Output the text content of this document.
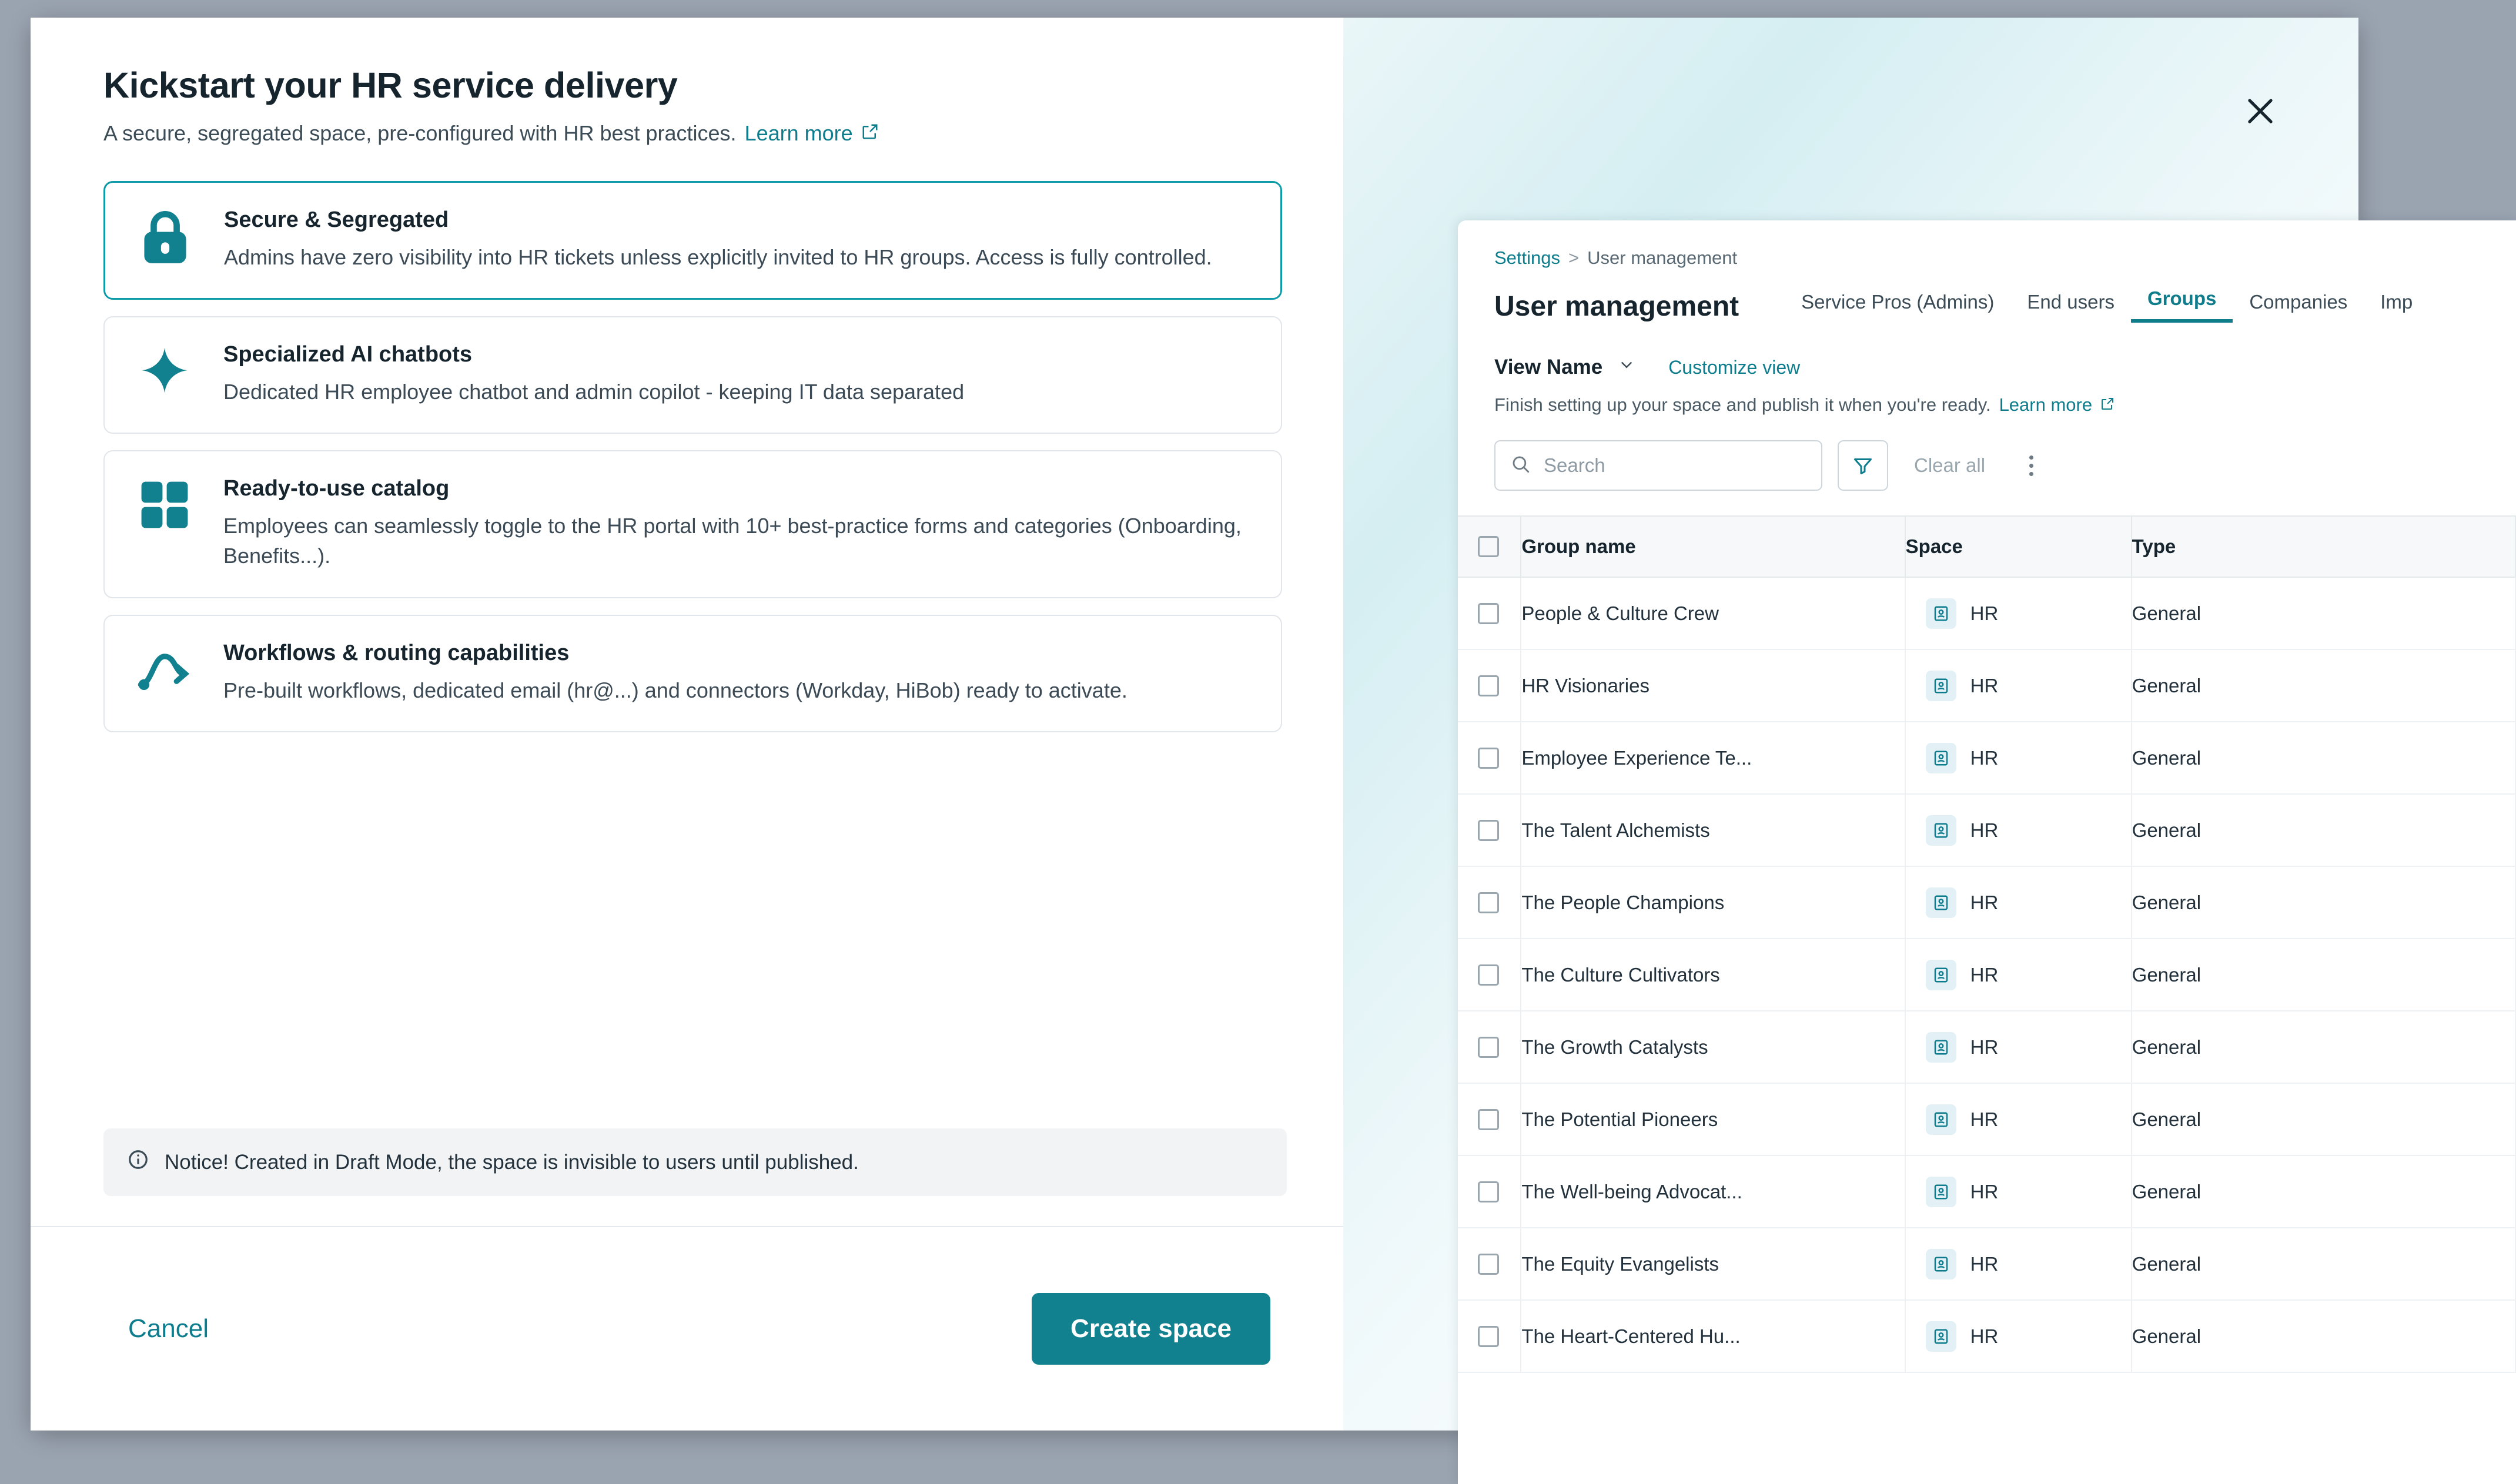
Kickstart your HR service delivery
A secure, segregated space, pre-configured with HR best practices. Learn more
Secure & Segregated
Admins have zero visibility into HR tickets unless explicitly invited to HR groups. Access is fully controlled.
Specialized AI chatbots
Dedicated HR employee chatbot and admin copilot - keeping IT data separated
Ready-to-use catalog
Employees can seamlessly toggle to the HR portal with 10+ best-practice forms and categories (Onboarding, Benefits...).
Workflows & routing capabilities
Pre-built workflows, dedicated email (hr@...) and connectors (Workday, HiBob) ready to activate.
Notice! Created in Draft Mode, the space is invisible to users until published.
Cancel	Create space
Settings > User management
User management	Service Pros (Admins)	End users	Groups	Companies	Imp
View Name	Customize view
Finish setting up your space and publish it when you're ready. Learn more
Search
Clear all
	Group name	Space	Type

	People & Culture Crew	HR	General

	HR Visionaries	HR	General

	Employee Experience Te...	HR	General

	The Talent Alchemists	HR	General

	The People Champions	HR	General

	The Culture Cultivators	HR	General

	The Growth Catalysts	HR	General

	The Potential Pioneers	HR	General

	The Well-being Advocat...	HR	General

	The Equity Evangelists	HR	General

	The Heart-Centered Hu...	HR	General
